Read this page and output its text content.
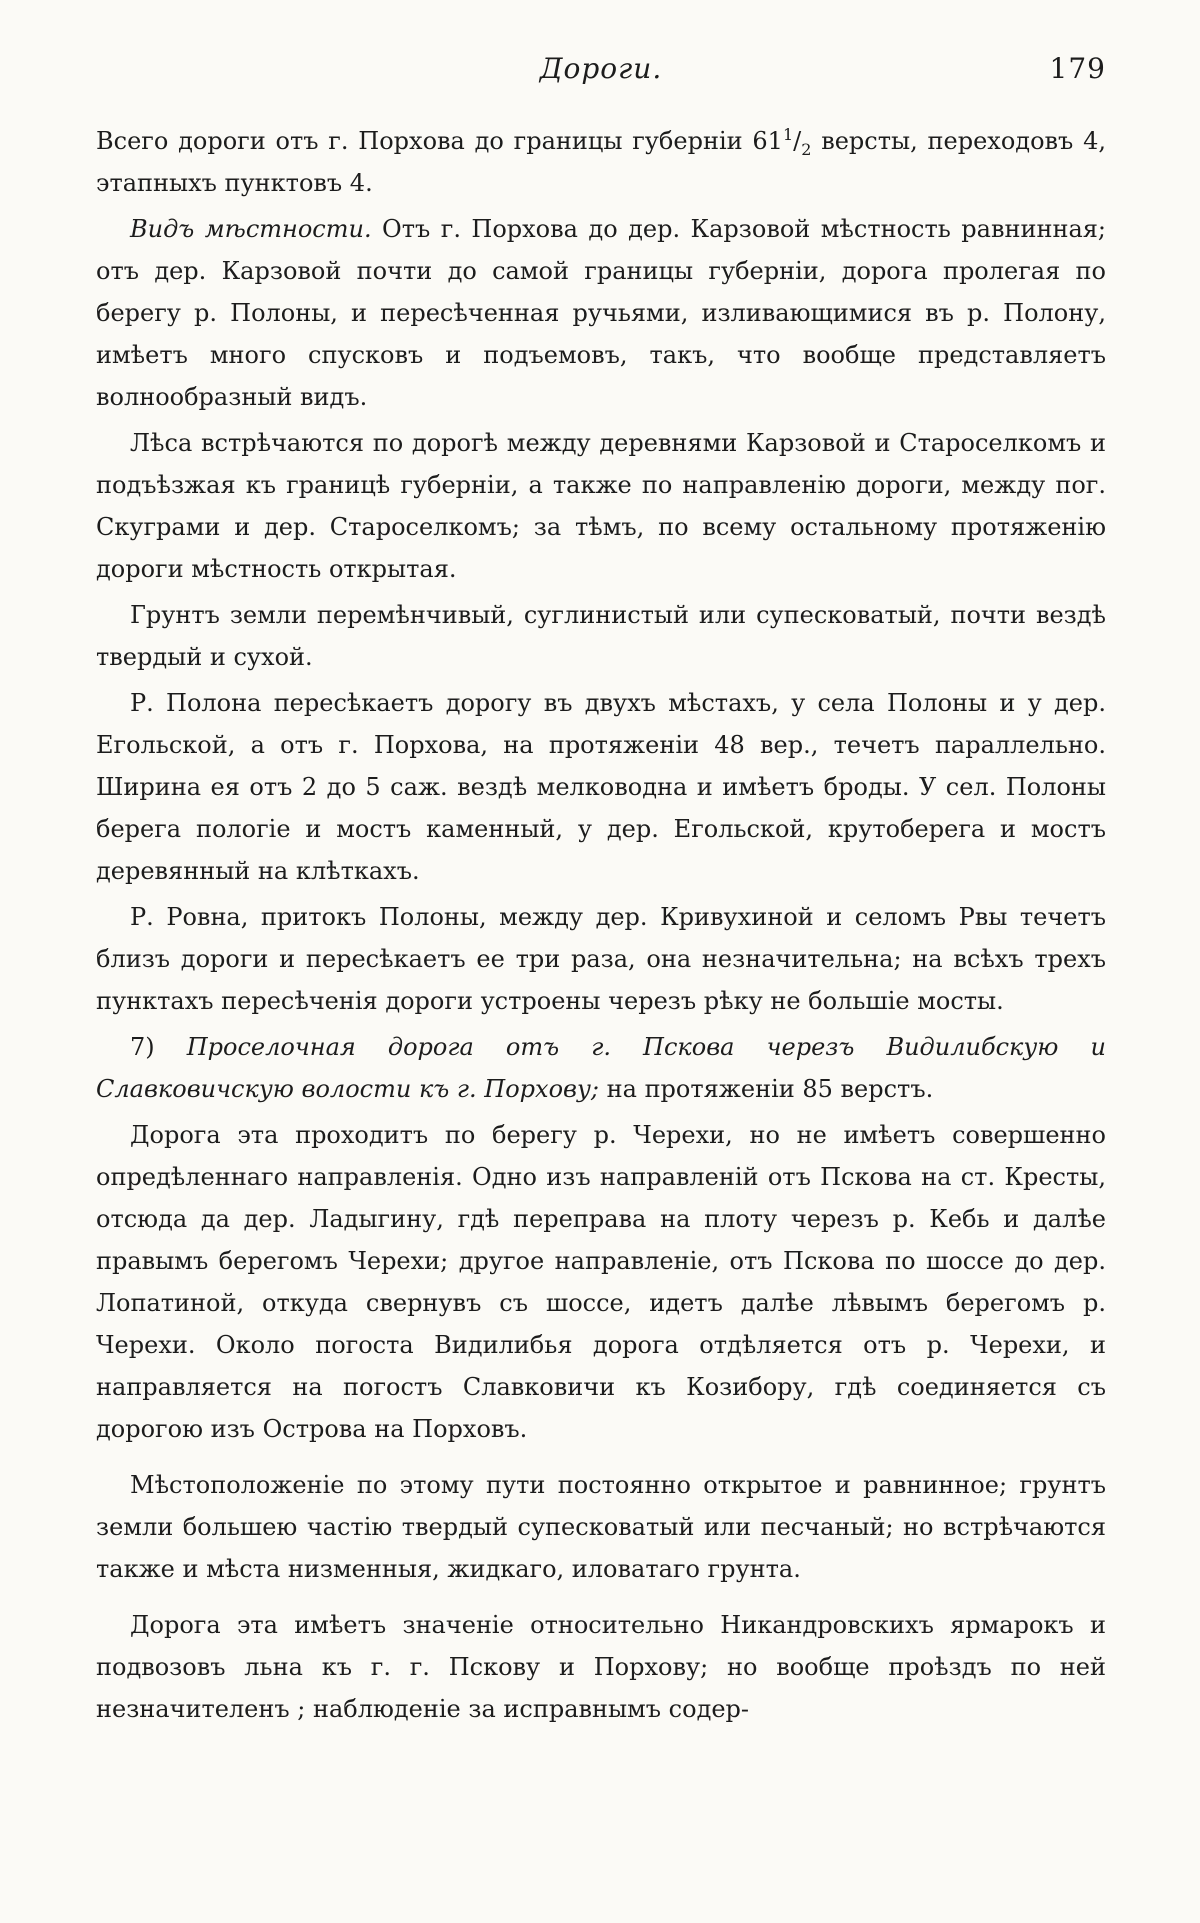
Дороги.	179

Всего дороги отъ г. Порхова до границы губерніи $61^1/_2$ версты, переходовъ 4, этапныхъ пунктовъ 4.

Видъ мѣстности. Отъ г. Порхова до дер. Карзовой мѣстность равнинная; отъ дер. Карзовой почти до самой границы губерніи, дорога пролегая по берегу р. Полоны, и пересѣченная ручьями, изливающимися въ р. Полону, имѣетъ много спусковъ и подъемовъ, такъ, что вообще представляетъ волнообразный видъ.

Лѣса встрѣчаются по дорогѣ между деревнями Карзовой и Староселкомъ и подъѣзжая къ границѣ губерніи, а также по направленію дороги, между пог. Скуграми и дер. Староселкомъ; за тѣмъ, по всему остальному протяженію дороги мѣстность открытая.

Грунтъ земли перемѣнчивый, суглинистый или супесковатый, почти вездѣ твердый и сухой.

Р. Полона пересѣкаетъ дорогу въ двухъ мѣстахъ, у села Полоны и у дер. Егольской, а отъ г. Порхова, на протяженіи 48 вер., течетъ параллельно. Ширина ея отъ 2 до 5 саж. вездѣ мелководна и имѣетъ броды. У сел. Полоны берега пологіе и мостъ каменный, у дер. Егольской, крутоберега и мостъ деревянный на клѣткахъ.

Р. Ровна, притокъ Полоны, между дер. Кривухиной и селомъ Рвы течетъ близъ дороги и пересѣкаетъ ее три раза, она незначительна; на всѣхъ трехъ пунктахъ пересѣченія дороги устроены черезъ рѣку не большіе мосты.

7) Проселочная дорога отъ г. Пскова черезъ Видилибскую и Славковичскую волости къ г. Порхову; на протяженіи 85 верстъ.

Дорога эта проходитъ по берегу р. Черехи, но не имѣетъ совершенно опредѣленнаго направленія. Одно изъ направленій отъ Пскова на ст. Кресты, отсюда да дер. Ладыгину, гдѣ переправа на плоту черезъ р. Кебь и далѣе правымъ берегомъ Черехи; другое направленіе, отъ Пскова по шоссе до дер. Лопатиной, откуда свернувъ съ шоссе, идетъ далѣе лѣвымъ берегомъ р. Черехи. Около погоста Видилибья дорога отдѣляется отъ р. Черехи, и направляется на погостъ Славковичи къ Козибору, гдѣ соединяется съ дорогою изъ Острова на Порховъ.

Мѣстоположеніе по этому пути постоянно открытое и равнинное; грунтъ земли большею частію твердый супесковатый или песчаный; но встрѣчаются также и мѣста низменныя, жидкаго, иловатаго грунта.

Дорога эта имѣетъ значеніе относительно Никандровскихъ ярмарокъ и подвозовъ льна къ г. г. Пскову и Порхову; но вообще проѣздъ по ней незначителенъ ; наблюденіе за исправнымъ содер-
